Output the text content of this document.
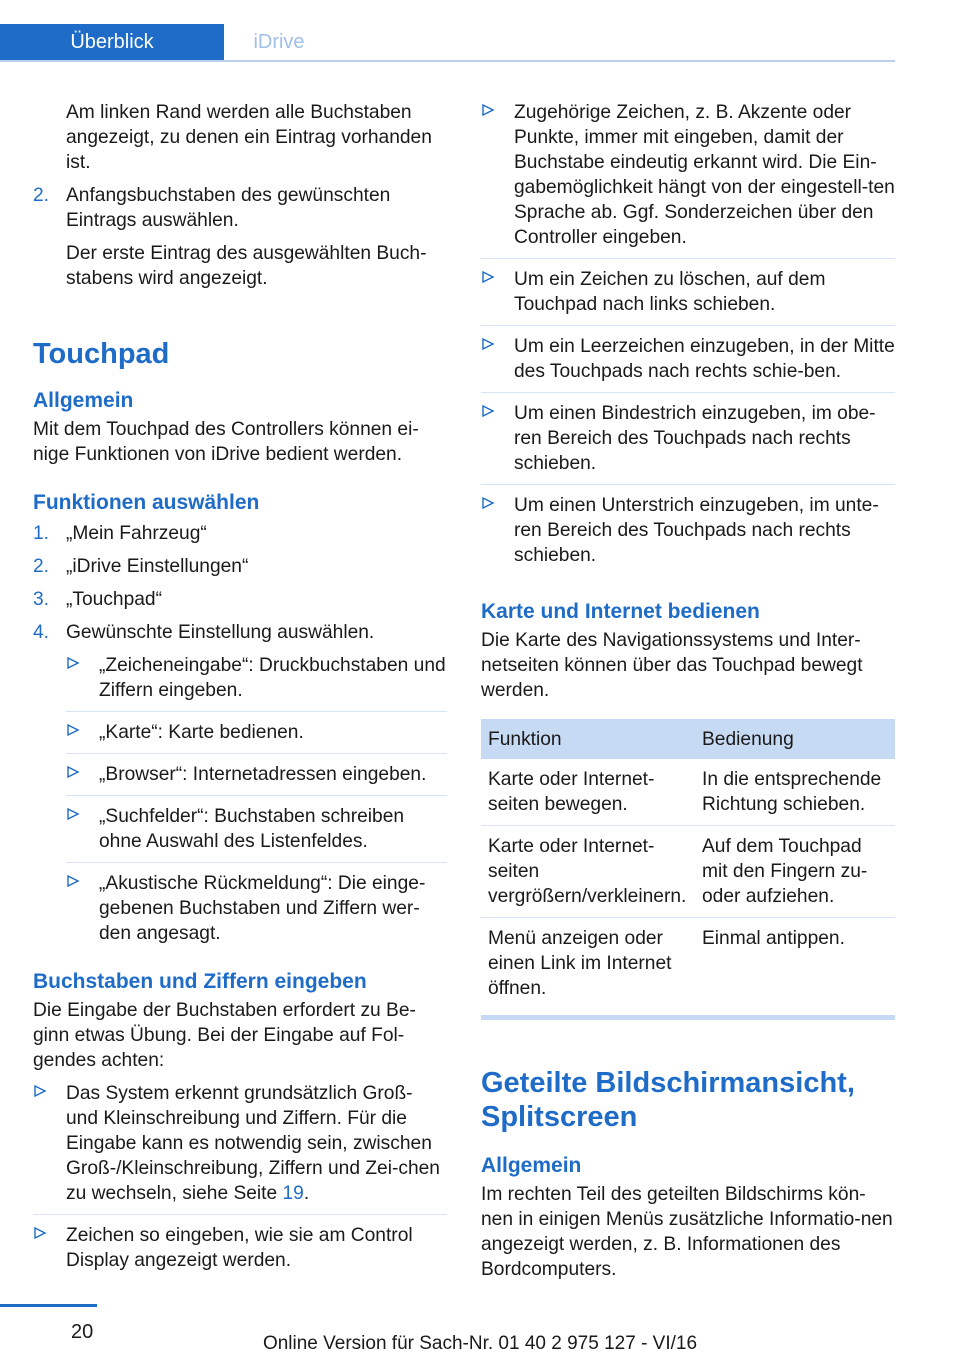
Überblick	iDrive

Am linken Rand werden alle Buchstaben angezeigt, zu denen ein Eintrag vorhanden ist.

2. Anfangsbuchstaben des gewünschten Eintrags auswählen.

Der erste Eintrag des ausgewählten Buch‐stabens wird angezeigt.

Touchpad
Allgemein

Mit dem Touchpad des Controllers können ei‐nige Funktionen von iDrive bedient werden.

Funktionen auswählen
1. „Mein Fahrzeug“

2. „iDrive Einstellungen“

3. „Touchpad“

4. Gewünschte Einstellung auswählen.

„Zeicheneingabe“: Druckbuchstaben und Ziffern eingeben.

„Karte“: Karte bedienen.

„Browser“: Internetadressen eingeben.

„Suchfelder“: Buchstaben schreiben ohne Auswahl des Listenfeldes.

„Akustische Rückmeldung“: Die einge‐gebenen Buchstaben und Ziffern wer‐den angesagt.

Buchstaben und Ziffern eingeben

Die Eingabe der Buchstaben erfordert zu Be‐ginn etwas Übung. Bei der Eingabe auf Fol‐gendes achten:

Das System erkennt grundsätzlich Groß- und Kleinschreibung und Ziffern. Für die Eingabe kann es notwendig sein, zwischen Groß-/Kleinschreibung, Ziffern und Zei‐chen zu wechseln, siehe Seite 19.

Zeichen so eingeben, wie sie am Control Display angezeigt werden.

Zugehörige Zeichen, z. B. Akzente oder Punkte, immer mit eingeben, damit der Buchstabe eindeutig erkannt wird. Die Ein‐gabemöglichkeit hängt von der eingestell‐ten Sprache ab. Ggf. Sonderzeichen über den Controller eingeben.

Um ein Zeichen zu löschen, auf dem Touchpad nach links schieben.

Um ein Leerzeichen einzugeben, in der Mitte des Touchpads nach rechts schie‐ben.

Um einen Bindestrich einzugeben, im obe‐ren Bereich des Touchpads nach rechts schieben.

Um einen Unterstrich einzugeben, im unte‐ren Bereich des Touchpads nach rechts schieben.

Karte und Internet bedienen

Die Karte des Navigationssystems und Inter‐netseiten können über das Touchpad bewegt werden.

Funktion	Bedienung
Karte oder Internet‐seiten bewegen.	In die entsprechende Richtung schieben.
Karte oder Internet‐seiten vergrößern/verkleinern.	Auf dem Touchpad mit den Fingern zu- oder aufziehen.
Menü anzeigen oder einen Link im Internet öffnen.	Einmal antippen.
Geteilte Bildschirmansicht, Splitscreen
Allgemein

Im rechten Teil des geteilten Bildschirms kön‐nen in einigen Menüs zusätzliche Informatio‐nen angezeigt werden, z. B. Informationen des Bordcomputers.

20
Online Version für Sach-Nr. 01 40 2 975 127 - VI/16
